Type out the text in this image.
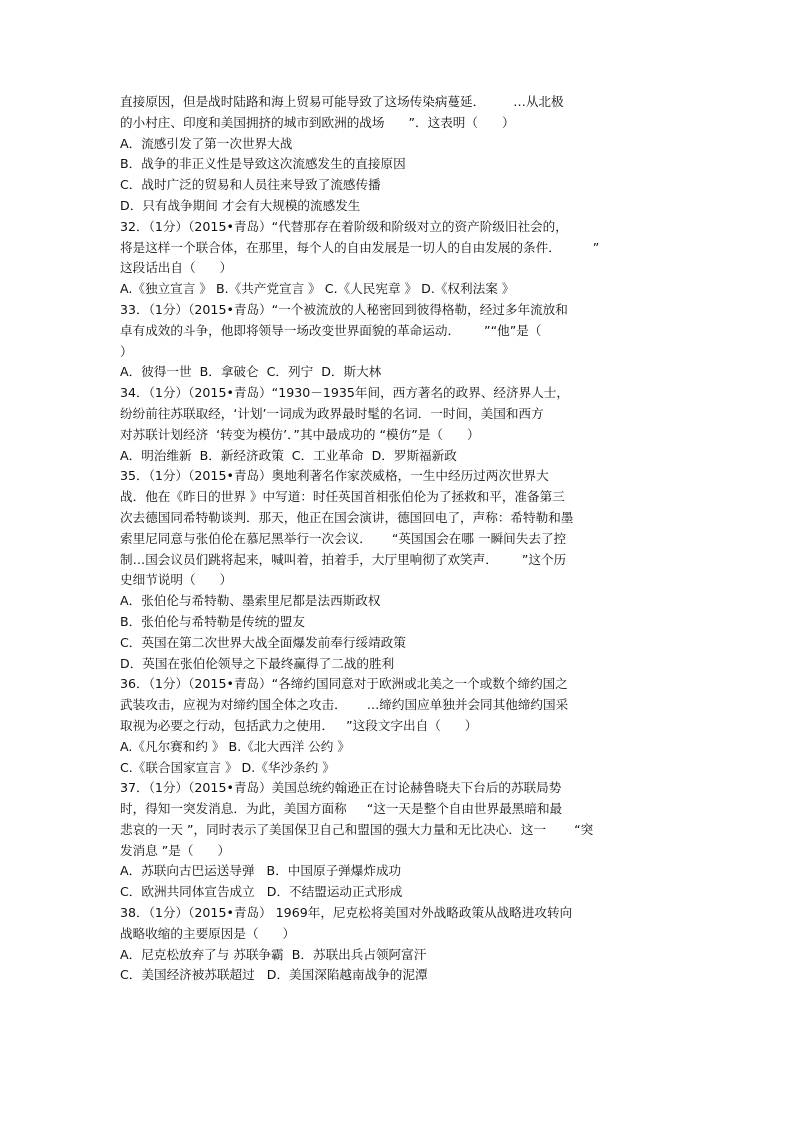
直接原因，但是战时陆路和海上贸易可能导致了这场传染病蔓延．       …从北极
的小村庄、印度和美国拥挤的城市到欧洲的战场      ”．这表明（      ）
A．流感引发了第一次世界大战
B．战争的非正义性是导致这次流感发生的直接原因
C．战时广泛的贸易和人员往来导致了流感传播
D．只有战争期间 才会有大规模的流感发生
32．（1分）（2015•青岛）“代替那存在着阶级和阶级对立的资产阶级旧社会的，
将是这样一个联合体，在那里，每个人的自由发展是一切人的自由发展的条件．        ”
这段话出自（      ）
A.《独立宣言 》 B.《共产党宣言 》 C.《人民宪章 》 D.《权利法案 》
33．（1分）（2015•青岛）“一个被流放的人秘密回到彼得格勒，经过多年流放和
卓有成效的斗争，他即将领导一场改变世界面貌的革命运动．      ”“他”是（
）
A．彼得一世  B．拿破仑  C．列宁  D．斯大林
34．（1分）（2015•青岛）“1930－1935年间，西方著名的政界、经济界人士，
纷纷前往苏联取经，‘计划’一词成为政界最时髦的名词．一时间，美国和西方
对苏联计划经济  ‘转变为模仿’．”其中最成功的 “模仿”是（      ）
A．明治维新  B．新经济政策  C．工业革命  D．罗斯福新政
35．（1分）（2015•青岛）奥地利著名作家茨威格，一生中经历过两次世界大
战．他在《昨日的世界 》中写道：时任英国首相张伯伦为了拯救和平，准备第三
次去德国同希特勒谈判．那天，他正在国会演讲，德国回电了，声称：希特勒和墨
索里尼同意与张伯伦在慕尼黑举行一次会议．     “英国国会在哪 一瞬间失去了控
制…国会议员们跳将起来，喊叫着，拍着手，大厅里响彻了欢笑声．      ”这个历
史细节说明（      ）
A．张伯伦与希特勒、墨索里尼都是法西斯政权
B．张伯伦与希特勒是传统的盟友
C．英国在第二次世界大战全面爆发前奉行绥靖政策
D．英国在张伯伦领导之下最终赢得了二战的胜利
36．（1分）（2015•青岛）“各缔约国同意对于欧洲或北美之一个或数个缔约国之
武装攻击，应视为对缔约国全体之攻击．     …缔约国应单独并会同其他缔约国采
取视为必要之行动，包括武力之使用．   ”这段文字出自（      ）
A.《凡尔赛和约 》 B.《北大西洋 公约 》
C.《联合国家宣言 》 D.《华沙条约 》
37．（1分）（2015•青岛）美国总统约翰逊正在讨论赫鲁晓夫下台后的苏联局势
时，得知一突发消息．为此，美国方面称     “这一天是整个自由世界最黑暗和最
悲哀的一天 ”，同时表示了美国保卫自己和盟国的强大力量和无比决心．这一       “突
发消息 ”是（      ）
A．苏联向古巴运送导弹   B．中国原子弹爆炸成功
C．欧洲共同体宣告成立   D．不结盟运动正式形成
38．（1分）（2015•青岛） 1969年，尼克松将美国对外战略政策从战略进攻转向
战略收缩的主要原因是（      ）
A．尼克松放弃了与 苏联争霸  B．苏联出兵占领阿富汗
C．美国经济被苏联超过   D．美国深陷越南战争的泥潭
